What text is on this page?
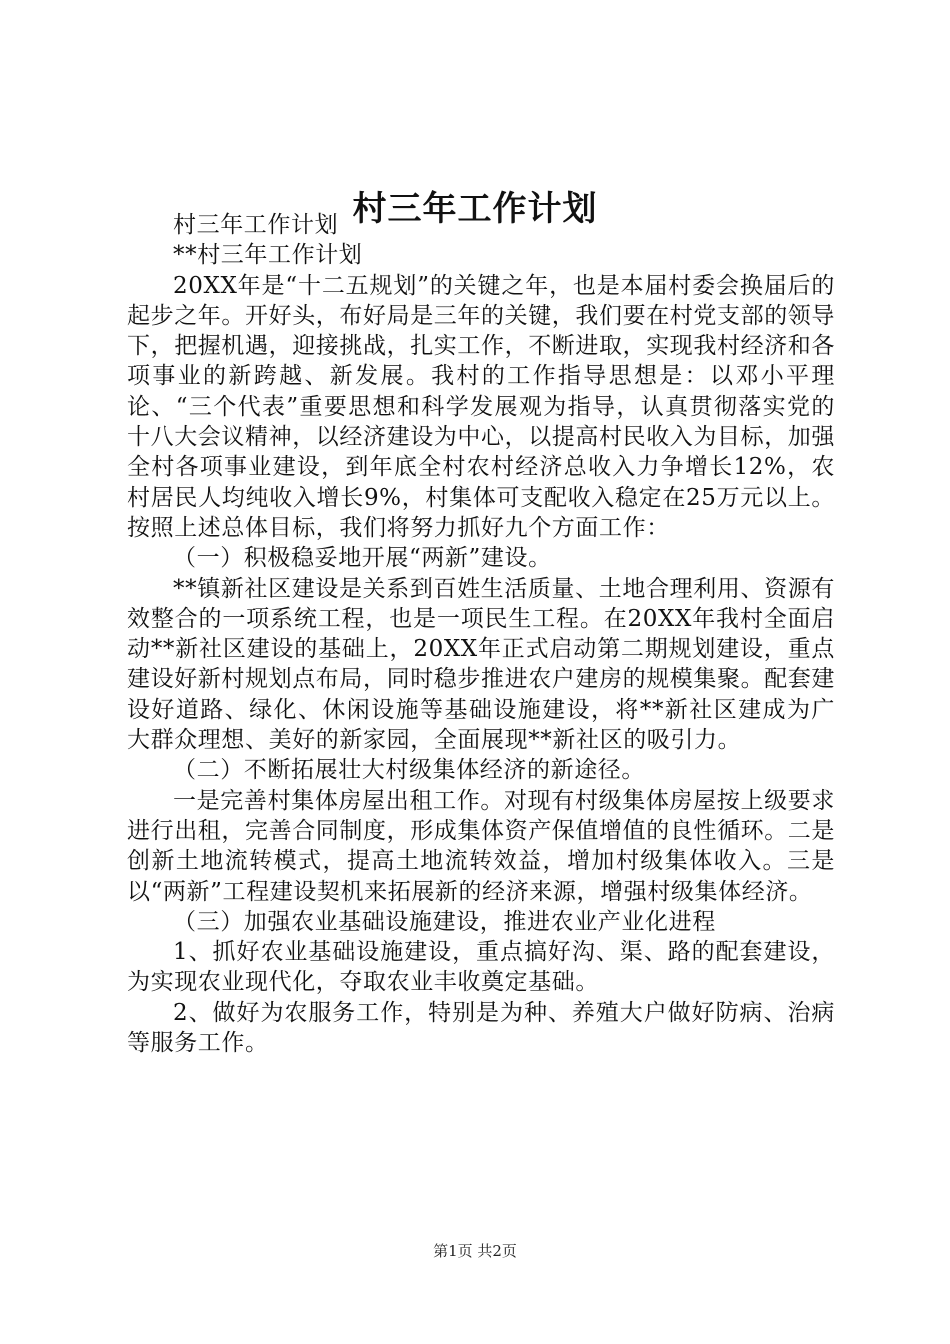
村三年工作计划

村三年工作计划

**村三年工作计划

20XX年是“十二五规划”的关键之年，也是本届村委会换届后的起步之年。开好头，布好局是三年的关键，我们要在村党支部的领导下，把握机遇，迎接挑战，扎实工作，不断进取，实现我村经济和各项事业的新跨越、新发展。我村的工作指导思想是：以邓小平理论、“三个代表”重要思想和科学发展观为指导，认真贯彻落实党的十八大会议精神，以经济建设为中心，以提高村民收入为目标，加强全村各项事业建设，到年底全村农村经济总收入力争增长12%，农村居民人均纯收入增长9%，村集体可支配收入稳定在25万元以上。按照上述总体目标，我们将努力抓好九个方面工作：

（一）积极稳妥地开展“两新”建设。

**镇新社区建设是关系到百姓生活质量、土地合理利用、资源有效整合的一项系统工程，也是一项民生工程。在20XX年我村全面启动**新社区建设的基础上，20XX年正式启动第二期规划建设，重点建设好新村规划点布局，同时稳步推进农户建房的规模集聚。配套建设好道路、绿化、休闲设施等基础设施建设，将**新社区建成为广大群众理想、美好的新家园，全面展现**新社区的吸引力。

（二）不断拓展壮大村级集体经济的新途径。

一是完善村集体房屋出租工作。对现有村级集体房屋按上级要求进行出租，完善合同制度，形成集体资产保值增值的良性循环。二是创新土地流转模式，提高土地流转效益，增加村级集体收入。三是以“两新”工程建设契机来拓展新的经济来源，增强村级集体经济。

（三）加强农业基础设施建设，推进农业产业化进程

1、抓好农业基础设施建设，重点搞好沟、渠、路的配套建设，为实现农业现代化，夺取农业丰收奠定基础。

2、做好为农服务工作，特别是为种、养殖大户做好防病、治病等服务工作。

第1页 共2页
